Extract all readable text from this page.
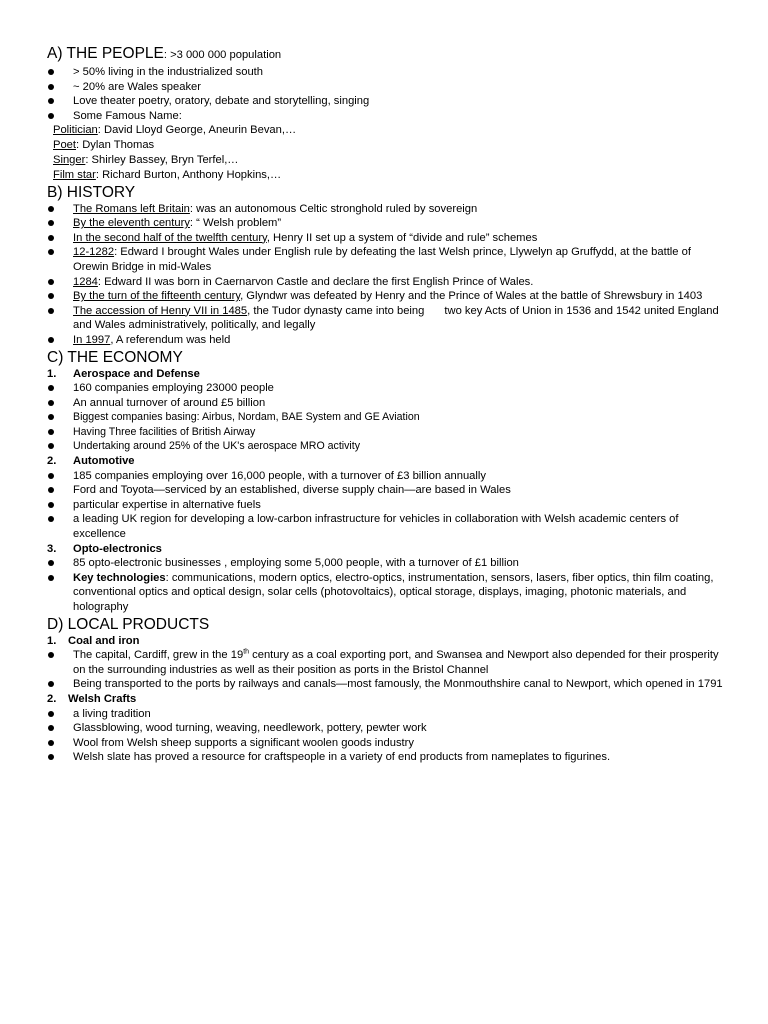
A) THE PEOPLE: >3 000 000 population
> 50% living in the industrialized south
~ 20% are Wales speaker
Love theater poetry, oratory, debate and storytelling, singing
Some Famous Name:
Politician: David Lloyd George, Aneurin Bevan,…
Poet: Dylan Thomas
Singer: Shirley Bassey, Bryn Terfel,…
Film star: Richard Burton, Anthony Hopkins,…
B) HISTORY
The Romans left Britain: was an autonomous Celtic stronghold ruled by sovereign
By the eleventh century: “ Welsh problem”
In the second half of the twelfth century, Henry II set up a system of “divide and rule” schemes
12-1282: Edward I brought Wales under English rule by defeating the last Welsh prince, Llywelyn ap Gruffydd, at the battle of Orewin Bridge in mid-Wales
1284: Edward II was born in Caernarvon Castle and declare the first English Prince of Wales.
By the turn of the fifteenth century, Glyndwr was defeated by Henry and the Prince of Wales at the battle of Shrewsbury in 1403
The accession of Henry VII in 1485, the Tudor dynasty came into being two key Acts of Union in 1536 and 1542 united England and Wales administratively, politically, and legally
In 1997, A referendum was held
C) THE ECONOMY
1.	Aerospace and Defense
160 companies employing 23000 people
An annual turnover of around £5 billion
Biggest companies basing: Airbus, Nordam, BAE System and GE Aviation
Having Three facilities of British Airway
Undertaking around 25% of the UK's aerospace MRO activity
2.	Automotive
185 companies employing over 16,000 people, with a turnover of £3 billion annually
Ford and Toyota—serviced by an established, diverse supply chain—are based in Wales
particular expertise in alternative fuels
a leading UK region for developing a low-carbon infrastructure for vehicles in collaboration with Welsh academic centers of excellence
3.	Opto-electronics
85 opto-electronic businesses , employing some 5,000 people, with a turnover of £1 billion
Key technologies: communications, modern optics, electro-optics, instrumentation, sensors, lasers, fiber optics, thin film coating, conventional optics and optical design, solar cells (photovoltaics), optical storage, displays, imaging, photonic materials, and holography
D) LOCAL PRODUCTS
1.	Coal and iron
The capital, Cardiff, grew in the 19th century as a coal exporting port, and Swansea and Newport also depended for their prosperity on the surrounding industries as well as their position as ports in the Bristol Channel
Being transported to the ports by railways and canals—most famously, the Monmouthshire canal to Newport, which opened in 1791
2.	Welsh Crafts
a living tradition
Glassblowing, wood turning, weaving, needlework, pottery, pewter work
Wool from Welsh sheep supports a significant woolen goods industry
Welsh slate has proved a resource for craftspeople in a variety of end products from nameplates to figurines.
